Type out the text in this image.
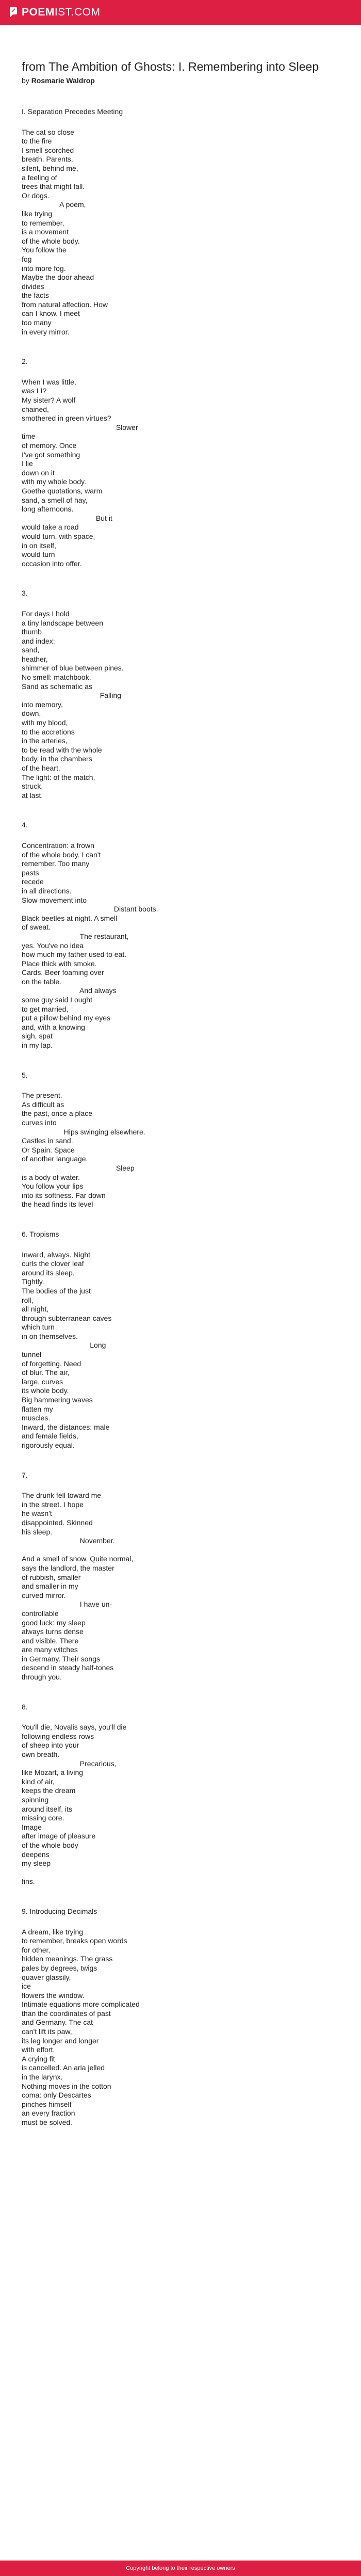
POEM IST.COM
from The Ambition of Ghosts: I. Remembering into Sleep
by Rosmarie Waldrop
I. Separation Precedes Meeting
The cat so close
to the fire
I smell scorched
breath. Parents,
silent, behind me,
a feeling of
trees that might fall.
Or dogs.
A poem,
like trying
to remember,
is a movement
of the whole body.
You follow the
fog
into more fog.
Maybe the door ahead
divides
the facts
from natural affection. How
can I know. I meet
too many
in every mirror.
2.
When I was little,
was I I?
My sister? A wolf
chained,
smothered in green virtues?
Slower
time
of memory. Once
I've got something
I lie
down on it
with my whole body.
Goethe quotations, warm
sand, a smell of hay,
long afternoons.
But it
would take a road
would turn, with space,
in on itself,
would turn
occasion into offer.
3.
For days I hold
a tiny landscape between
thumb
and index:
sand,
heather,
shimmer of blue between pines.
No smell: matchbook.
Sand as schematic as
Falling
into memory,
down,
with my blood,
to the accretions
in the arteries,
to be read with the whole
body, in the chambers
of the heart.
The light: of the match,
struck,
at last.
4.
Concentration: a frown
of the whole body. I can't
remember. Too many
pasts
recede
in all directions.
Slow movement into
Distant boots.
Black beetles at night. A smell
of sweat.
The restaurant,
yes. You've no idea
how much my father used to eat.
Place thick with smoke.
Cards. Beer foaming over
on the table.
And always
some guy said I ought
to get married,
put a pillow behind my eyes
and, with a knowing
sigh, spat
in my lap.
5.
The present.
As difficult as
the past, once a place
curves into
Hips swinging elsewhere.
Castles in sand.
Or Spain. Space
of another language.
Sleep
is a body of water.
You follow your lips
into its softness. Far down
the head finds its level
6. Tropisms
Inward, always. Night
curls the clover leaf
around its sleep.
Tightly.
The bodies of the just
roll,
all night,
through subterranean caves
which turn
in on themselves.
Long
tunnel
of forgetting. Need
of blur. The air,
large, curves
its whole body.
Big hammering waves
flatten my
muscles.
Inward, the distances: male
and female fields,
rigorously equal.
7.
The drunk fell toward me
in the street. I hope
he wasn't
disappointed. Skinned
his sleep.
November.
And a smell of snow. Quite normal,
says the landlord, the master
of rubbish, smaller
and smaller in my
curved mirror.
I have un-
controllable
good luck: my sleep
always turns dense
and visible. There
are many witches
in Germany. Their songs
descend in steady half-tones
through you.
8.
You'll die, Novalis says, you'll die
following endless rows
of sheep into your
own breath.
Precarious,
like Mozart, a living
kind of air,
keeps the dream
spinning
around itself, its
missing core.
Image
after image of pleasure
of the whole body
deepens
my sleep
fins.
9. Introducing Decimals
A dream, like trying
to remember, breaks open words
for other,
hidden meanings. The grass
pales by degrees, twigs
quaver glassily,
ice
flowers the window.
Intimate equations more complicated
than the coordinates of past
and Germany. The cat
can't lift its paw,
its leg longer and longer
with effort.
A crying fit
is cancelled. An aria jelled
in the larynx.
Nothing moves in the cotton
coma: only Descartes
pinches himself
an every fraction
must be solved.
Copyright belong to their respective owners
